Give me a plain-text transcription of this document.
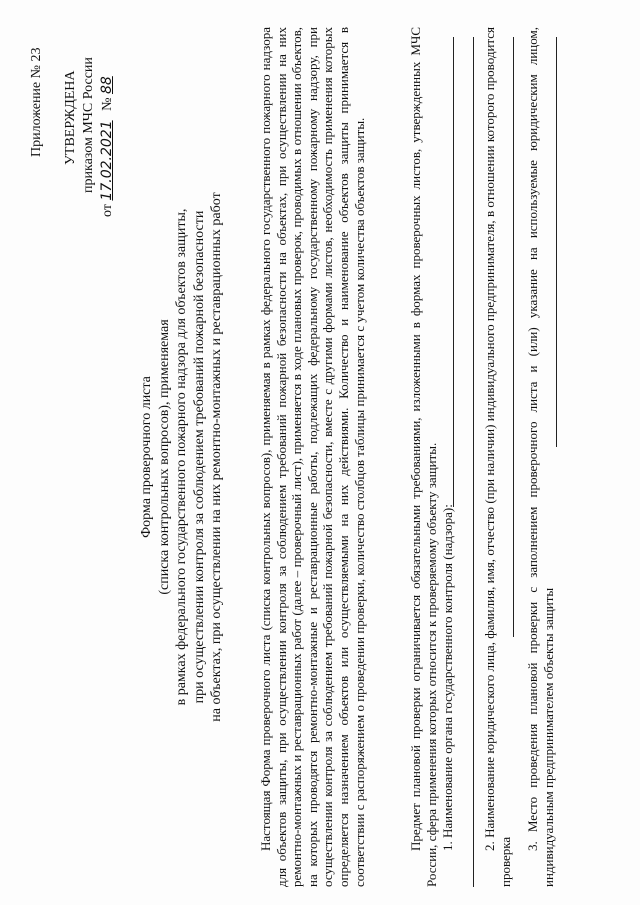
Приложение № 23 УТВЕРЖДЕНА приказом МЧС России
от 17.02.2021 № 88
Форма проверочного листа (списка контрольных вопросов), применяемая в рамках федерального государственного пожарного надзора для объектов защиты, при осуществлении контроля за соблюдением требований пожарной безопасности на объектах, при осуществлении на них ремонтно-монтажных и реставрационных работ	Настоящая Форма проверочного листа (списка контрольных вопросов), применяемая в рамках федерального государственного пожарного надзора для объектов защиты, при осуществлении контроля за соблюдением требований пожарной безопасности на объектах, при осуществлении на них ремонтно-монтажных и реставрационных работ (далее – проверочный лист), применяется в ходе плановых проверок, проводимых в отношении объектов, на которых проводятся ремонтно-монтажные и реставрационные работы, подлежащих федеральному государственному пожарному надзору, при осуществлении контроля за соблюдением требований пожарной безопасности, вместе с другими формами листов, необходимость применения которых определяется назначением объектов или осуществляемыми на них действиями. Количество и наименование объектов защиты принимается в соответствии с распоряжением о проведении проверки, количество столбцов таблицы принимается с учетом количества объектов защиты.	Предмет плановой проверки ограничивается обязательными требованиями, изложенными в формах проверочных листов, утвержденных МЧС России, сфера применения которых относится к проверяемому объекту защиты. 1. Наименование органа государственного контроля (надзора): 2. Наименование юридического лица, фамилия, имя, отчество (при наличии) индивидуального предпринимателя, в отношении которого проводится проверка
3. Место проведения плановой проверки с заполнением проверочного листа и (или) указание на используемые юридическим лицом, индивидуальным предпринимателем объекты защиты
